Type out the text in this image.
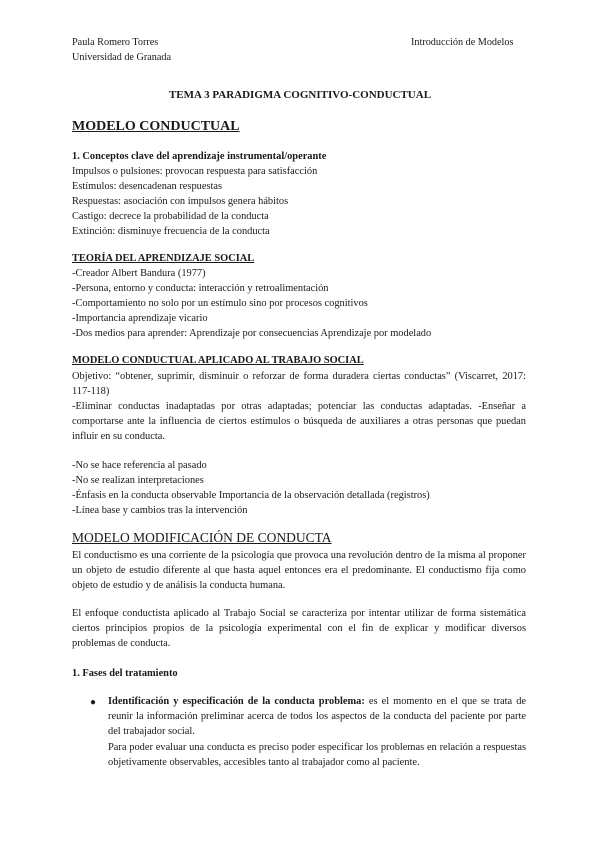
Paula Romero Torres
Universidad de Granada
Introducción de Modelos
TEMA 3 PARADIGMA COGNITIVO-CONDUCTUAL
MODELO CONDUCTUAL
1. Conceptos clave del aprendizaje instrumental/operante
Impulsos o pulsiones: provocan respuesta para satisfacción
Estímulos: desencadenan respuestas
Respuestas: asociación con impulsos genera hábitos
Castigo: decrece la probabilidad de la conducta
Extinción: disminuye frecuencia de la conducta
TEORÍA DEL APRENDIZAJE SOCIAL
-Creador Albert Bandura (1977)
-Persona, entorno y conducta: interacción y retroalimentación
-Comportamiento no solo por un estímulo sino por procesos cognitivos
-Importancia aprendizaje vicario
-Dos medios para aprender: Aprendizaje por consecuencias Aprendizaje por modelado
MODELO CONDUCTUAL APLICADO AL TRABAJO SOCIAL
Objetivo: “obtener, suprimir, disminuir o reforzar de forma duradera ciertas conductas” (Viscarret, 2017: 117-118)
-Eliminar conductas inadaptadas por otras adaptadas; potenciar las conductas adaptadas. -Enseñar a comportarse ante la influencia de ciertos estímulos o búsqueda de auxiliares a otras personas que puedan influir en su conducta.
-No se hace referencia al pasado
-No se realizan interpretaciones
-Énfasis en la conducta observable Importancia de la observación detallada (registros)
-Línea base y cambios tras la intervención
MODELO MODIFICACIÓN DE CONDUCTA
El conductismo es una corriente de la psicología que provoca una revolución dentro de la misma al proponer un objeto de estudio diferente al que hasta aquel entonces era el predominante. El conductismo fija como objeto de estudio y de análisis la conducta humana.
El enfoque conductista aplicado al Trabajo Social se caracteriza por intentar utilizar de forma sistemática ciertos principios propios de la psicología experimental con el fin de explicar y modificar diversos problemas de conducta.
1. Fases del tratamiento
● Identificación y especificación de la conducta problema: es el momento en el que se trata de reunir la información preliminar acerca de todos los aspectos de la conducta del paciente por parte del trabajador social.
Para poder evaluar una conducta es preciso poder especificar los problemas en relación a respuestas objetivamente observables, accesibles tanto al trabajador como al paciente.
